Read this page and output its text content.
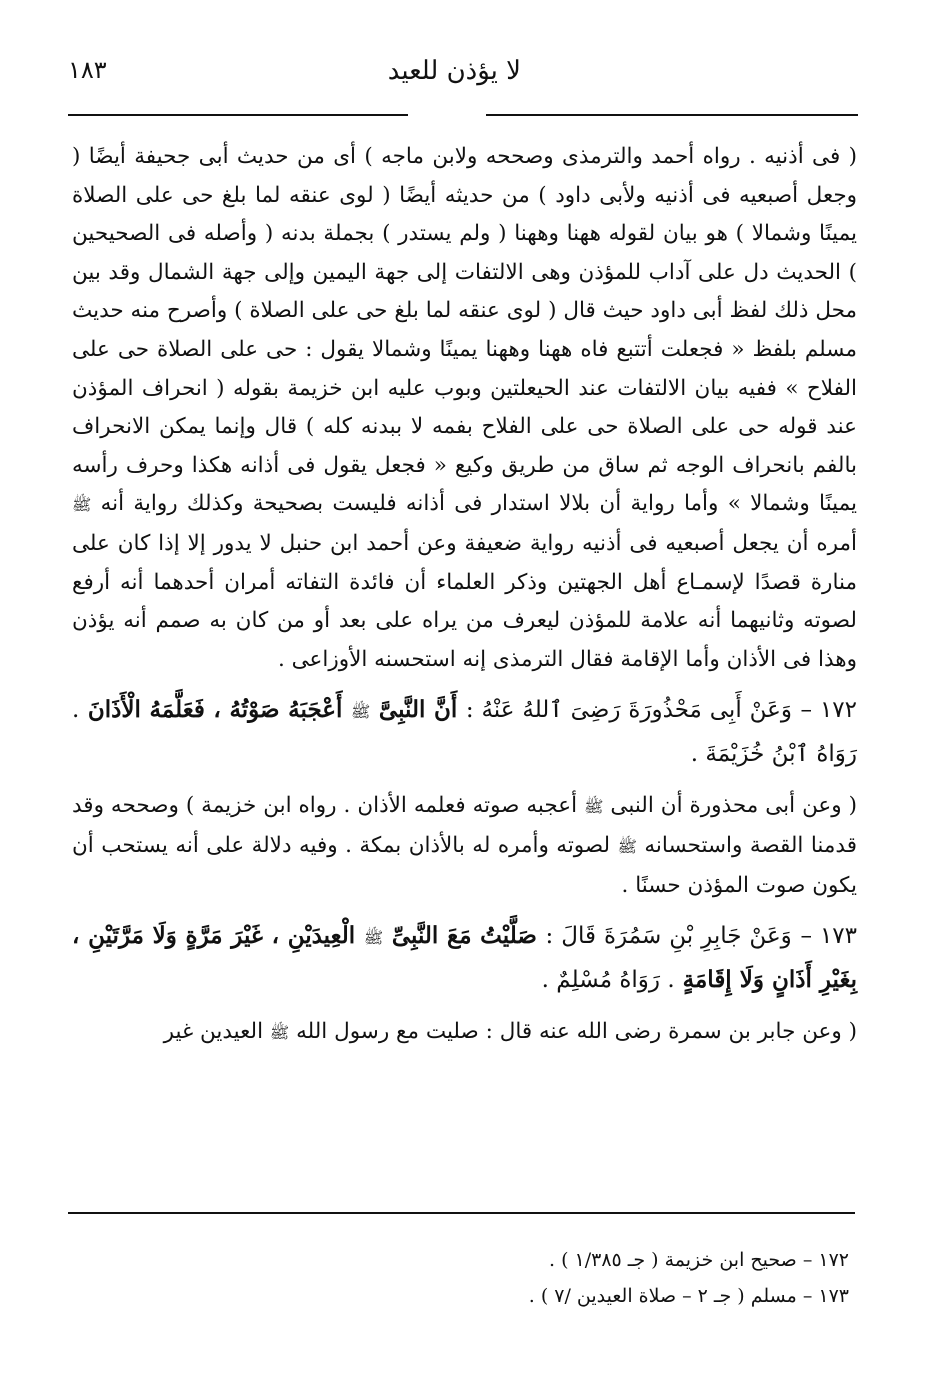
لا يؤذن للعيد
١٨٣

( فى أذنيه . رواه أحمد والترمذى وصححه ولابن ماجه ) أى من حديث أبى جحيفة أيضًا ( وجعل أصبعيه فى أذنيه ولأبى داود ) من حديثه أيضًا ( لوى عنقه لما بلغ حى على الصلاة يمينًا وشمالا ) هو بيان لقوله ههنا وههنا ( ولم يستدر ) بجملة بدنه ( وأصله فى الصحيحين ) الحديث دل على آداب للمؤذن وهى الالتفات إلى جهة اليمين وإلى جهة الشمال وقد بين محل ذلك لفظ أبى داود حيث قال ( لوى عنقه لما بلغ حى على الصلاة ) وأصرح منه حديث مسلم بلفظ « فجعلت أتتبع فاه ههنا وههنا يمينًا وشمالا يقول : حى على الصلاة حى على الفلاح » ففيه بيان الالتفات عند الحيعلتين وبوب عليه ابن خزيمة بقوله ( انحراف المؤذن عند قوله حى على الصلاة حى على الفلاح بفمه لا ببدنه كله ) قال وإنما يمكن الانحراف بالفم بانحراف الوجه ثم ساق من طريق وكيع « فجعل يقول فى أذانه هكذا وحرف رأسه يمينًا وشمالا » وأما رواية أن بلالا استدار فى أذانه فليست بصحيحة وكذلك رواية أنه ﷺ أمره أن يجعل أصبعيه فى أذنيه رواية ضعيفة وعن أحمد ابن حنبل لا يدور إلا إذا كان على منارة قصدًا لإسمـاع أهل الجهتين وذكر العلماء أن فائدة التفاته أمران أحدهما أنه أرفع لصوته وثانيهما أنه علامة للمؤذن ليعرف من يراه على بعد أو من كان به صمم أنه يؤذن وهذا فى الأذان وأما الإقامة فقال الترمذى إنه استحسنه الأوزاعى .

١٧٢ – وَعَنْ أَبِى مَحْذُورَةَ رَضِىَ ٱللهُ عَنْهُ : أَنَّ النَّبِىَّ ﷺ أَعْجَبَهُ صَوْتُهُ ، فَعَلَّمَهُ الْأَذَانَ . رَوَاهُ ٱبْنُ خُزَيْمَةَ .

( وعن أبى محذورة أن النبى ﷺ أعجبه صوته فعلمه الأذان . رواه ابن خزيمة ) وصححه وقد قدمنا القصة واستحسانه ﷺ لصوته وأمره له بالأذان بمكة . وفيه دلالة على أنه يستحب أن يكون صوت المؤذن حسنًا .

١٧٣ – وَعَنْ جَابِرِ بْنِ سَمُرَةَ قَالَ : صَلَّيْتُ مَعَ النَّبِىِّ ﷺ الْعِيدَيْنِ ، غَيْرَ مَرَّةٍ وَلَا مَرَّتَيْنِ ، بِغَيْرِ أَذَانٍ وَلَا إِقَامَةٍ . رَوَاهُ مُسْلِمٌ .

( وعن جابر بن سمرة رضى الله عنه قال : صليت مع رسول الله ﷺ العيدين غير

١٧٢ – صحيح ابن خزيمة ( جـ ١/٣٨٥ ) .
١٧٣ – مسلم ( جـ ٢ – صلاة العيدين /٧ ) .
